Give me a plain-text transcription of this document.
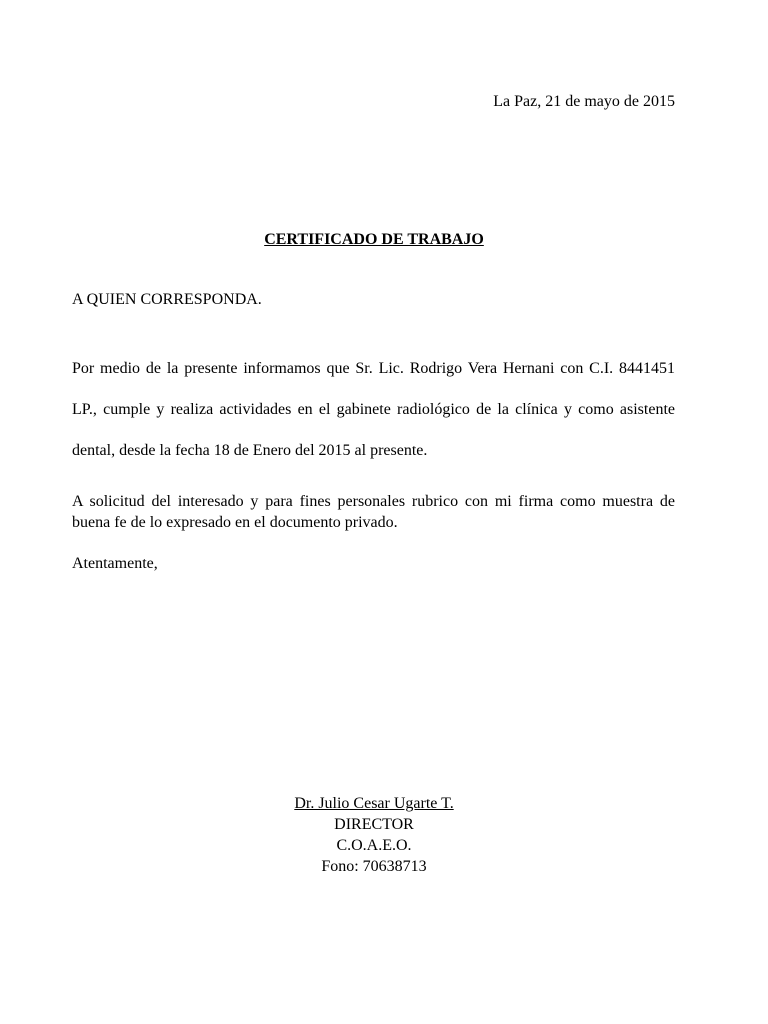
La Paz, 21 de mayo de 2015
CERTIFICADO DE TRABAJO
A QUIEN CORRESPONDA.
Por medio de la presente informamos que Sr. Lic. Rodrigo Vera Hernani con C.I. 8441451 LP., cumple y realiza actividades en el gabinete radiológico de la clínica y como asistente dental, desde la fecha 18 de Enero del 2015 al presente.
A solicitud del interesado y para fines personales rubrico con mi firma como muestra de buena fe de lo expresado en el documento privado.
Atentamente,
Dr. Julio Cesar Ugarte T.
DIRECTOR
C.O.A.E.O.
Fono: 70638713
